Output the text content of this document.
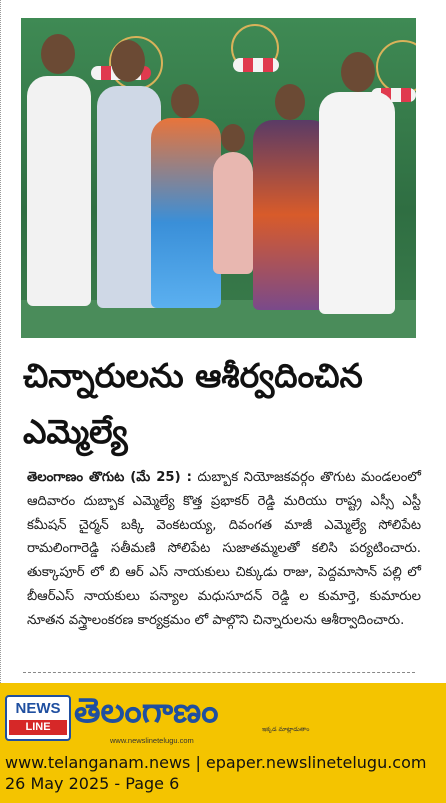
చిన్నారులను ఆశీర్వదించిన ఎమ్మెల్యే
తెలంగాణం తొగుట (మే 25) : దుబ్బాక నియోజకవర్గం తొగుట మండలంలో ఆదివారం దుబ్బాక ఎమ్మెల్యే కొత్త ప్రభాకర్ రెడ్డి మరియు రాష్ట్ర ఎస్సీ ఎస్టీ కమీషన్ చైర్మన్ బక్కి వెంకటయ్య, దివంగత మాజీ ఎమ్మెల్యే సోలిపేట రామలింగారెడ్డి సతీమణి సోలిపేట సుజాతమ్మలతో కలిసి పర్యటించారు. తుక్కాపూర్ లో బి ఆర్ ఎస్ నాయకులు చిక్కుడు రాజు, పెద్దమాసాన్ పల్లి లో బీఆర్ఎస్ నాయకులు పన్యాల మధుసూదన్ రెడ్డి ల కుమార్తె, కుమారుల నూతన వస్త్రాలంకరణ కార్యక్రమం లో పాల్గొని చిన్నారులను ఆశీర్వాదించారు.
NEWS
LINE తెలంగాణం	ఇక్కడ మాట్లాడుతాం
www.newslinetelugu.com
www.telanganam.news | epaper.newslinetelugu.com
26 May 2025 - Page 6
